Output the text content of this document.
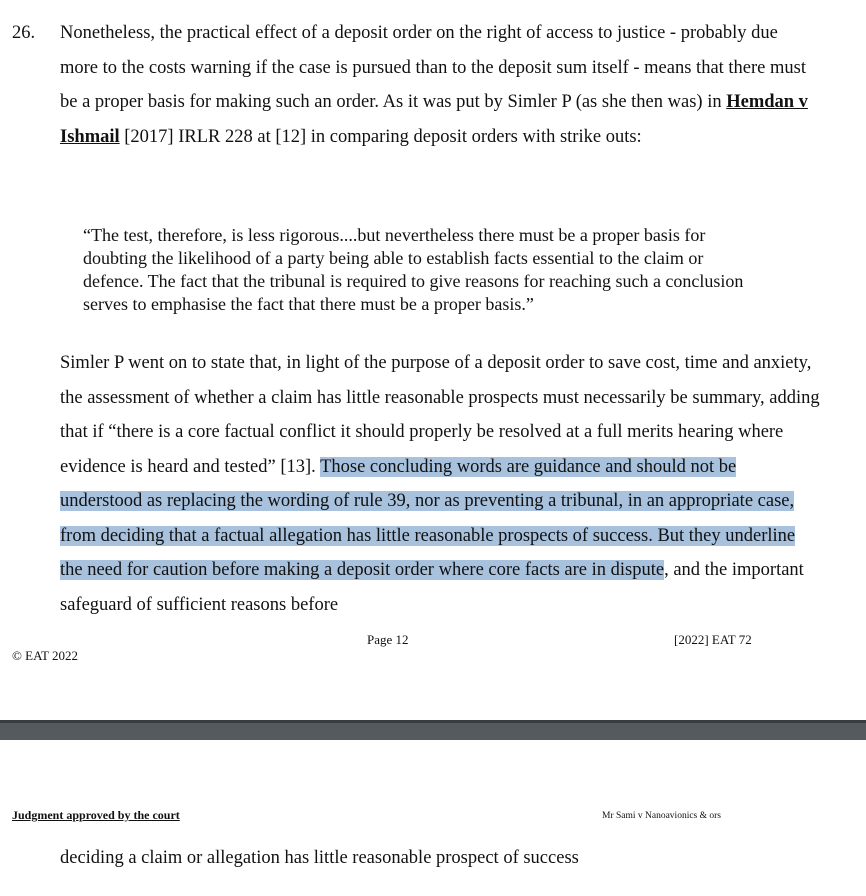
26. Nonetheless, the practical effect of a deposit order on the right of access to justice - probably due more to the costs warning if the case is pursued than to the deposit sum itself - means that there must be a proper basis for making such an order. As it was put by Simler P (as she then was) in Hemdan v Ishmail [2017] IRLR 228 at [12] in comparing deposit orders with strike outs:

“The test, therefore, is less rigorous....but nevertheless there must be a proper basis for doubting the likelihood of a party being able to establish facts essential to the claim or defence. The fact that the tribunal is required to give reasons for reaching such a conclusion serves to emphasise the fact that there must be a proper basis.”

Simler P went on to state that, in light of the purpose of a deposit order to save cost, time and anxiety, the assessment of whether a claim has little reasonable prospects must necessarily be summary, adding that if “there is a core factual conflict it should properly be resolved at a full merits hearing where evidence is heard and tested” [13]. Those concluding words are guidance and should not be understood as replacing the wording of rule 39, nor as preventing a tribunal, in an appropriate case, from deciding that a factual allegation has little reasonable prospects of success. But they underline the need for caution before making a deposit order where core facts are in dispute, and the important safeguard of sufficient reasons before

Page 12	[2022] EAT 72
© EAT 2022
Judgment approved by the court	Mr Sami v Nanoavionics & ors

deciding a claim or allegation has little reasonable prospect of success
